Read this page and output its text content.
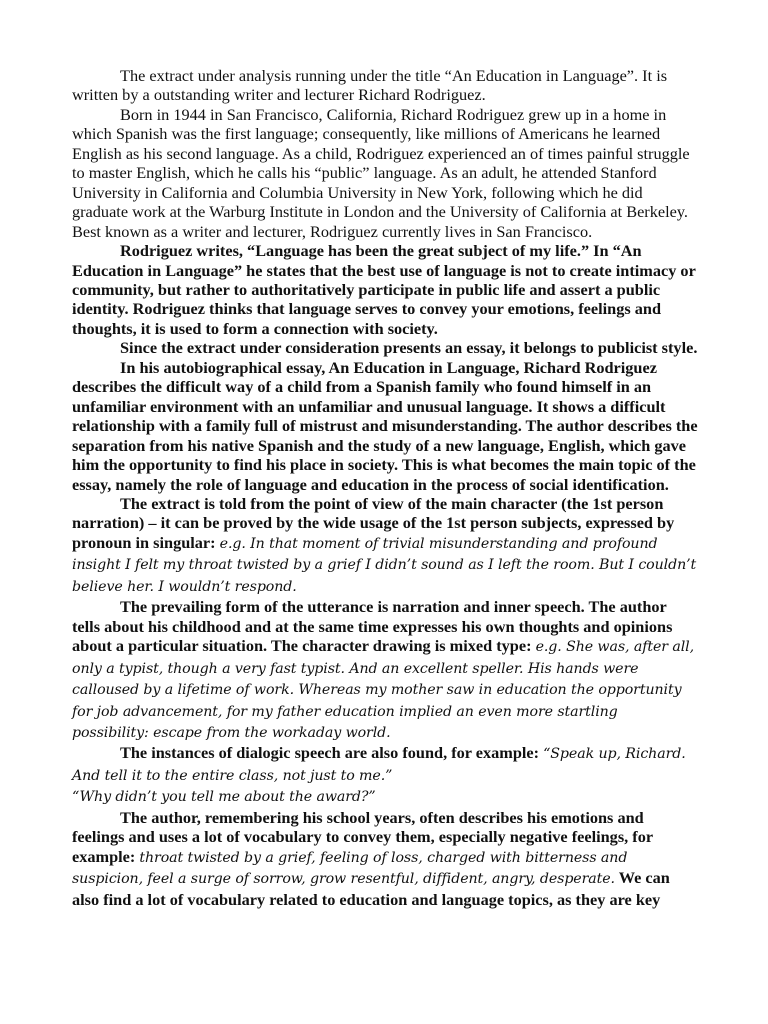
The extract under analysis running under the title “An Education in Language”. It is written by a outstanding writer and lecturer Richard Rodriguez.

Born in 1944 in San Francisco, California, Richard Rodriguez grew up in a home in which Spanish was the first language; consequently, like millions of Americans he learned English as his second language. As a child, Rodriguez experienced an of times painful struggle to master English, which he calls his “public” language. As an adult, he attended Stanford University in California and Columbia University in New York, following which he did graduate work at the Warburg Institute in London and the University of California at Berkeley. Best known as a writer and lecturer, Rodriguez currently lives in San Francisco.

Rodriguez writes, “Language has been the great subject of my life.” In “An Education in Language” he states that the best use of language is not to create intimacy or community, but rather to authoritatively participate in public life and assert a public identity. Rodriguez thinks that language serves to convey your emotions, feelings and thoughts, it is used to form a connection with society.

Since the extract under consideration presents an essay, it belongs to publicist style.

In his autobiographical essay, An Education in Language, Richard Rodriguez describes the difficult way of a child from a Spanish family who found himself in an unfamiliar environment with an unfamiliar and unusual language. It shows a difficult relationship with a family full of mistrust and misunderstanding. The author describes the separation from his native Spanish and the study of a new language, English, which gave him the opportunity to find his place in society. This is what becomes the main topic of the essay, namely the role of language and education in the process of social identification.

The extract is told from the point of view of the main character (the 1st person narration) – it can be proved by the wide usage of the 1st person subjects, expressed by pronoun in singular: e.g. In that moment of trivial misunderstanding and profound insight I felt my throat twisted by a grief I didn’t sound as I left the room. But I couldn’t believe her. I wouldn’t respond.

The prevailing form of the utterance is narration and inner speech. The author tells about his childhood and at the same time expresses his own thoughts and opinions about a particular situation. The character drawing is mixed type: e.g. She was, after all, only a typist, though a very fast typist. And an excellent speller. His hands were calloused by a lifetime of work. Whereas my mother saw in education the opportunity for job advancement, for my father education implied an even more startling possibility: escape from the workaday world.

The instances of dialogic speech are also found, for example: “Speak up, Richard. And tell it to the entire class, not just to me.”

“Why didn’t you tell me about the award?”

The author, remembering his school years, often describes his emotions and feelings and uses a lot of vocabulary to convey them, especially negative feelings, for example: throat twisted by a grief, feeling of loss, charged with bitterness and suspicion, feel a surge of sorrow, grow resentful, diffident, angry, desperate. We can also find a lot of vocabulary related to education and language topics, as they are key
